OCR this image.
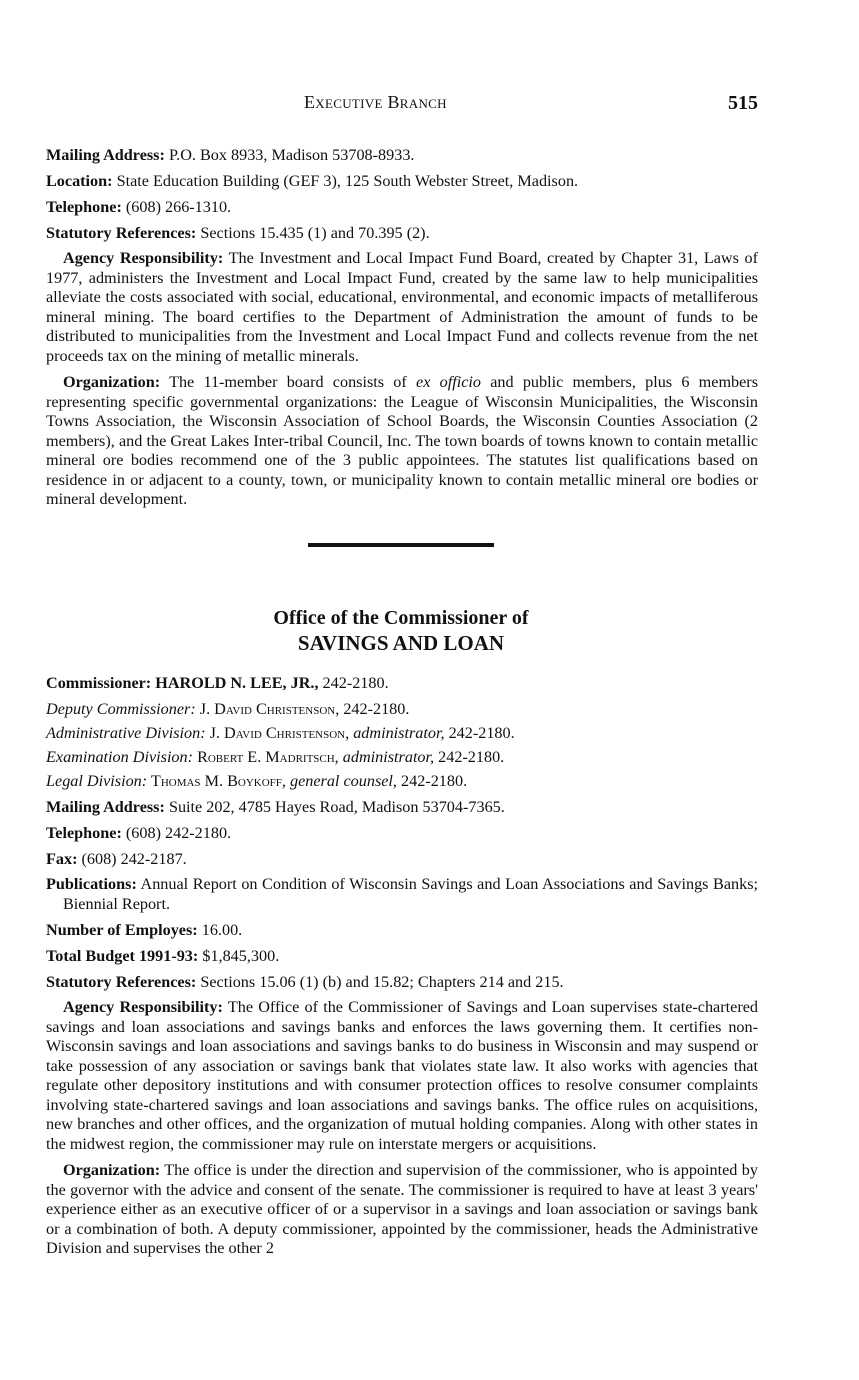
Executive Branch	515

Mailing Address: P.O. Box 8933, Madison 53708-8933.

Location: State Education Building (GEF 3), 125 South Webster Street, Madison.

Telephone: (608) 266-1310.

Statutory References: Sections 15.435 (1) and 70.395 (2).

Agency Responsibility: The Investment and Local Impact Fund Board, created by Chapter 31, Laws of 1977, administers the Investment and Local Impact Fund, created by the same law to help municipalities alleviate the costs associated with social, educational, environmental, and economic impacts of metalliferous mineral mining. The board certifies to the Department of Administration the amount of funds to be distributed to municipalities from the Investment and Local Impact Fund and collects revenue from the net proceeds tax on the mining of metallic minerals.

Organization: The 11-member board consists of ex officio and public members, plus 6 members representing specific governmental organizations: the League of Wisconsin Municipalities, the Wisconsin Towns Association, the Wisconsin Association of School Boards, the Wisconsin Counties Association (2 members), and the Great Lakes Inter-tribal Council, Inc. The town boards of towns known to contain metallic mineral ore bodies recommend one of the 3 public appointees. The statutes list qualifications based on residence in or adjacent to a county, town, or municipality known to contain metallic mineral ore bodies or mineral development.

Office of the Commissioner of
SAVINGS AND LOAN

Commissioner: HAROLD N. LEE, JR., 242-2180.

Deputy Commissioner: J. David Christenson, 242-2180.

Administrative Division: J. David Christenson, administrator, 242-2180.

Examination Division: Robert E. Madritsch, administrator, 242-2180.

Legal Division: Thomas M. Boykoff, general counsel, 242-2180.

Mailing Address: Suite 202, 4785 Hayes Road, Madison 53704-7365.

Telephone: (608) 242-2180.

Fax: (608) 242-2187.

Publications: Annual Report on Condition of Wisconsin Savings and Loan Associations and Savings Banks; Biennial Report.

Number of Employes: 16.00.

Total Budget 1991-93: $1,845,300.

Statutory References: Sections 15.06 (1) (b) and 15.82; Chapters 214 and 215.

Agency Responsibility: The Office of the Commissioner of Savings and Loan supervises state-chartered savings and loan associations and savings banks and enforces the laws governing them. It certifies non-Wisconsin savings and loan associations and savings banks to do business in Wisconsin and may suspend or take possession of any association or savings bank that violates state law. It also works with agencies that regulate other depository institutions and with consumer protection offices to resolve consumer complaints involving state-chartered savings and loan associations and savings banks. The office rules on acquisitions, new branches and other offices, and the organization of mutual holding companies. Along with other states in the midwest region, the commissioner may rule on interstate mergers or acquisitions.

Organization: The office is under the direction and supervision of the commissioner, who is appointed by the governor with the advice and consent of the senate. The commissioner is required to have at least 3 years' experience either as an executive officer of or a supervisor in a savings and loan association or savings bank or a combination of both. A deputy commissioner, appointed by the commissioner, heads the Administrative Division and supervises the other 2
